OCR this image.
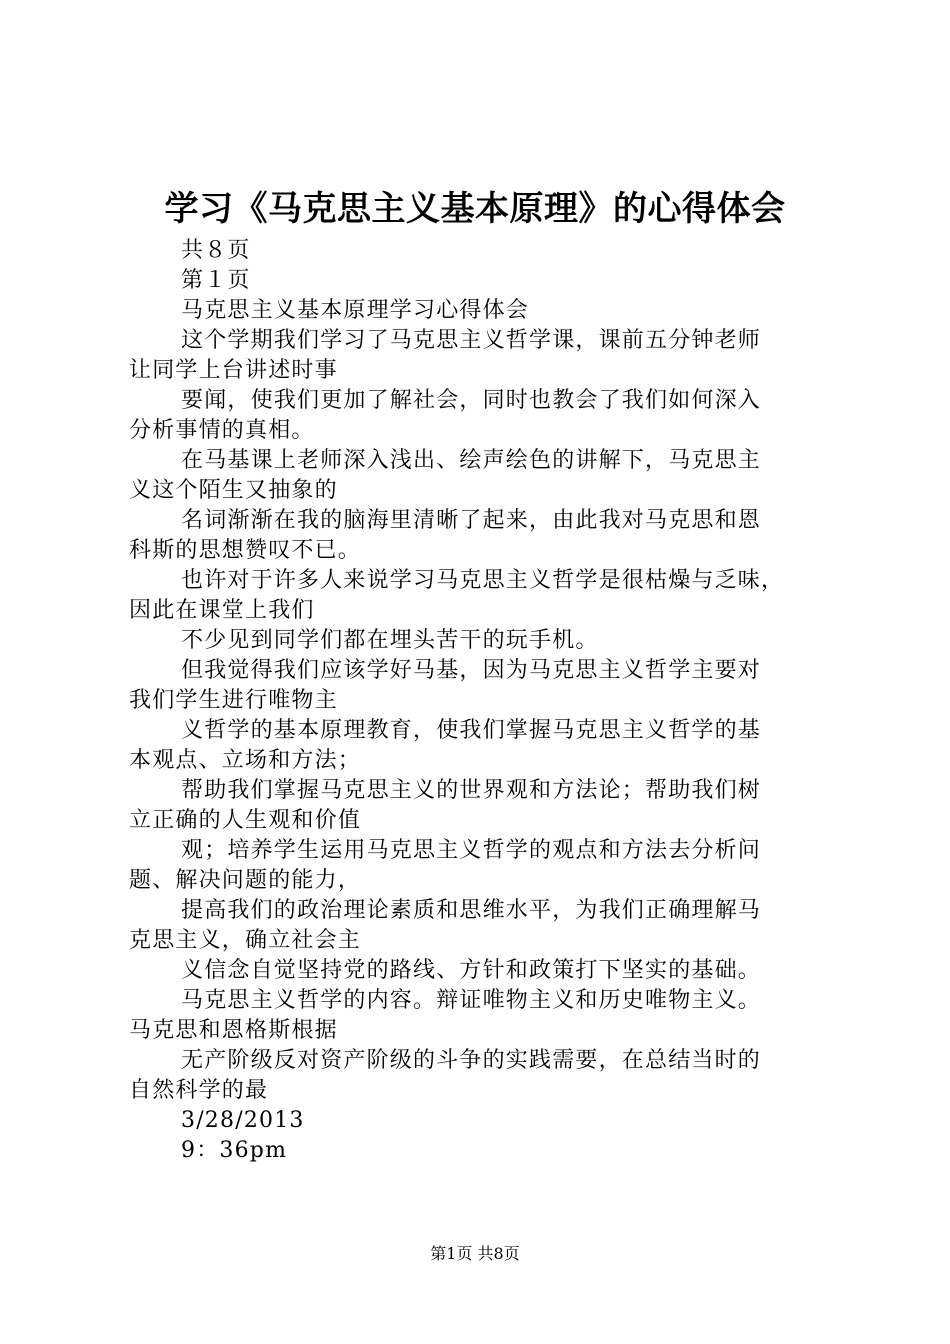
学习《马克思主义基本原理》的心得体会
共８页
第１页
马克思主义基本原理学习心得体会
这个学期我们学习了马克思主义哲学课，课前五分钟老师
让同学上台讲述时事
要闻，使我们更加了解社会，同时也教会了我们如何深入
分析事情的真相。
在马基课上老师深入浅出、绘声绘色的讲解下，马克思主
义这个陌生又抽象的
名词渐渐在我的脑海里清晰了起来，由此我对马克思和恩
科斯的思想赞叹不已。
也许对于许多人来说学习马克思主义哲学是很枯燥与乏味，
因此在课堂上我们
不少见到同学们都在埋头苦干的玩手机。
但我觉得我们应该学好马基，因为马克思主义哲学主要对
我们学生进行唯物主
义哲学的基本原理教育，使我们掌握马克思主义哲学的基
本观点、立场和方法；
帮助我们掌握马克思主义的世界观和方法论；帮助我们树
立正确的人生观和价值
观；培养学生运用马克思主义哲学的观点和方法去分析问
题、解决问题的能力，
提高我们的政治理论素质和思维水平，为我们正确理解马
克思主义，确立社会主
义信念自觉坚持党的路线、方针和政策打下坚实的基础。
马克思主义哲学的内容。辩证唯物主义和历史唯物主义。
马克思和恩格斯根据
无产阶级反对资产阶级的斗争的实践需要，在总结当时的
自然科学的最
3/28/2013
9：36pm
第1页 共8页
